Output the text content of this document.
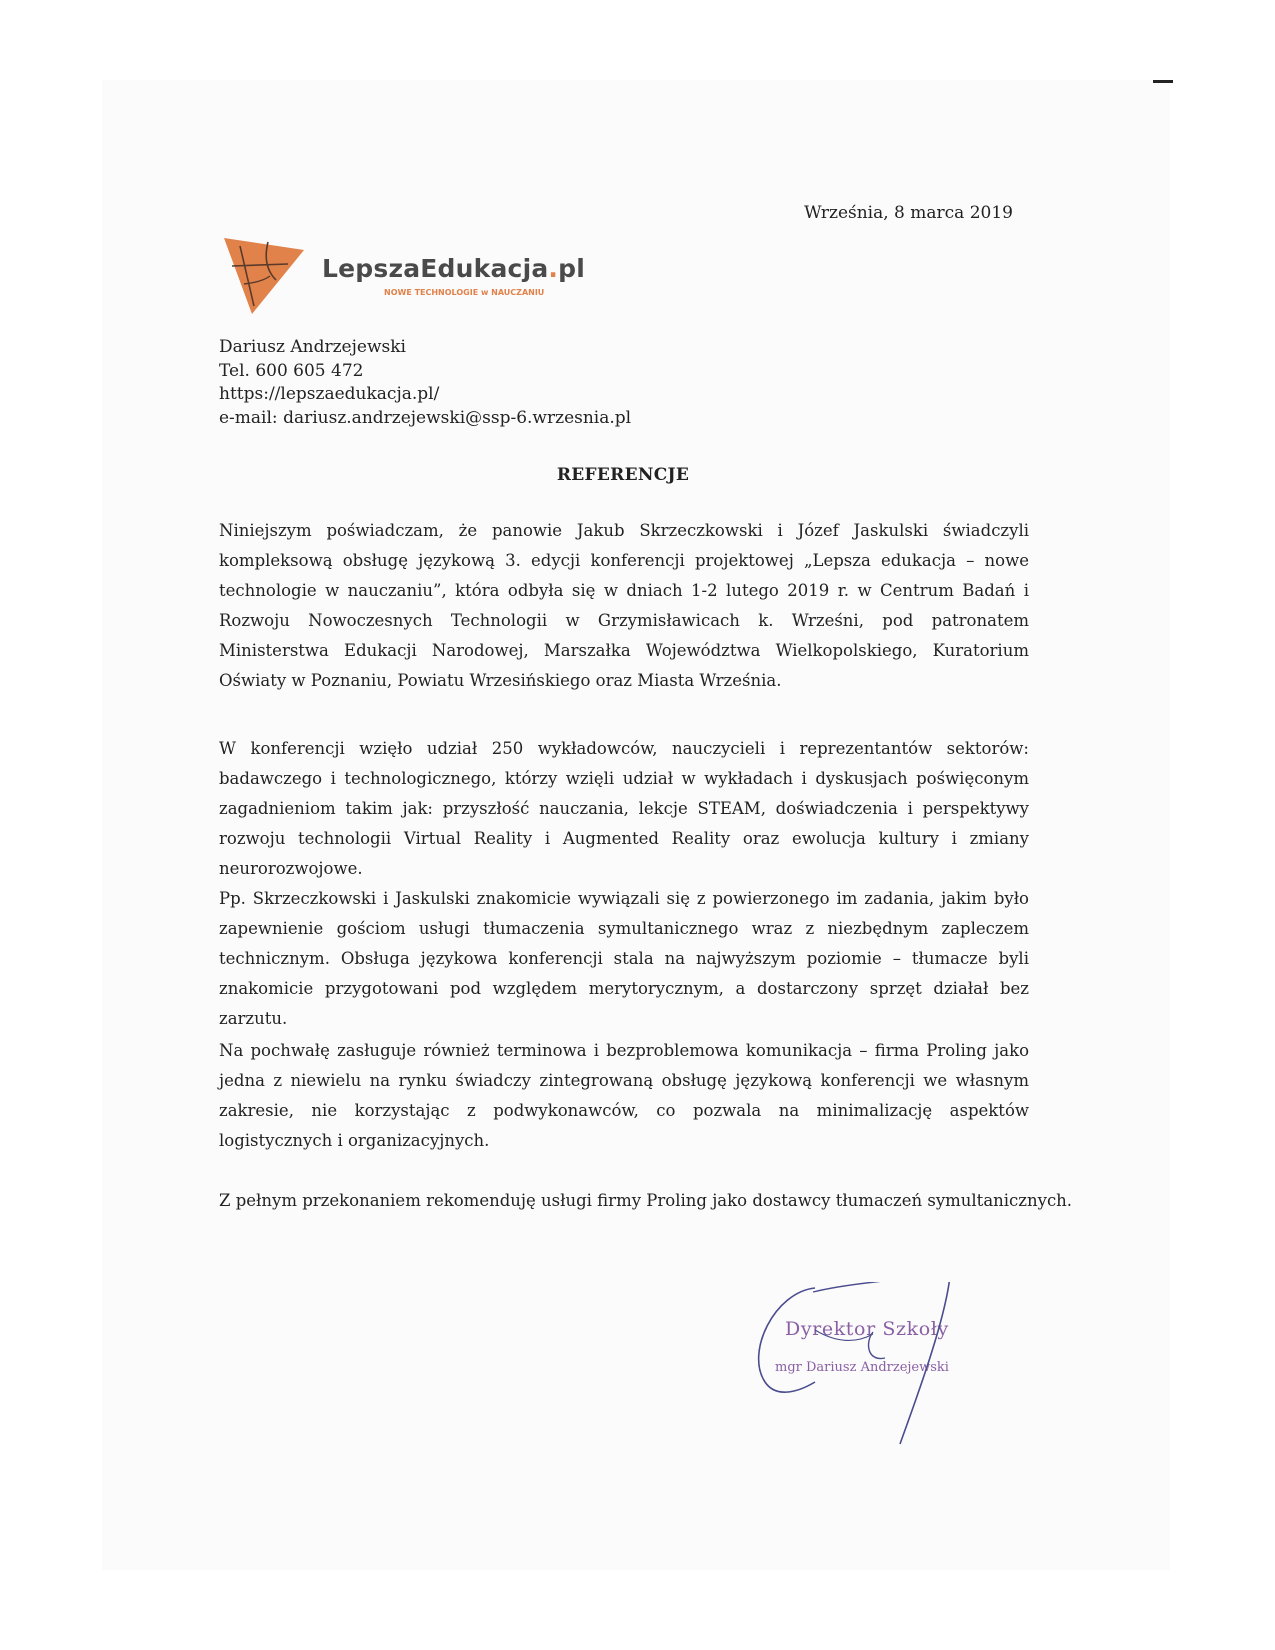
Września, 8 marca 2019
LepszaEdukacja.pl
NOWE TECHNOLOGIE w NAUCZANIU
Dariusz Andrzejewski
Tel. 600 605 472
https://lepszaedukacja.pl/
e-mail: dariusz.andrzejewski@ssp-6.wrzesnia.pl
REFERENCJE

Niniejszym poświadczam, że panowie Jakub Skrzeczkowski i Józef Jaskulski świadczyli kompleksową obsługę językową 3. edycji konferencji projektowej „Lepsza edukacja – nowe technologie w nauczaniu”, która odbyła się w dniach 1-2 lutego 2019 r. w Centrum Badań i Rozwoju Nowoczesnych Technologii w Grzymisławicach k. Wrześni, pod patronatem Ministerstwa Edukacji Narodowej, Marszałka Województwa Wielkopolskiego, Kuratorium Oświaty w Poznaniu, Powiatu Wrzesińskiego oraz Miasta Września.

W konferencji wzięło udział 250 wykładowców, nauczycieli i reprezentantów sektorów: badawczego i technologicznego, którzy wzięli udział w wykładach i dyskusjach poświęconym zagadnieniom takim jak: przyszłość nauczania, lekcje STEAM, doświadczenia i perspektywy rozwoju technologii Virtual Reality i Augmented Reality oraz ewolucja kultury i zmiany neurorozwojowe.

Pp. Skrzeczkowski i Jaskulski znakomicie wywiązali się z powierzonego im zadania, jakim było zapewnienie gościom usługi tłumaczenia symultanicznego wraz z niezbędnym zapleczem technicznym. Obsługa językowa konferencji stala na najwyższym poziomie – tłumacze byli znakomicie przygotowani pod względem merytorycznym, a dostarczony sprzęt działał bez zarzutu.

Na pochwałę zasługuje również terminowa i bezproblemowa komunikacja – firma Proling jako jedna z niewielu na rynku świadczy zintegrowaną obsługę językową konferencji we własnym zakresie, nie korzystając z podwykonawców, co pozwala na minimalizację aspektów logistycznych i organizacyjnych.

Z pełnym przekonaniem rekomenduję usługi firmy Proling jako dostawcy tłumaczeń symultanicznych.

Dyrektor Szkoły
mgr Dariusz Andrzejewski
